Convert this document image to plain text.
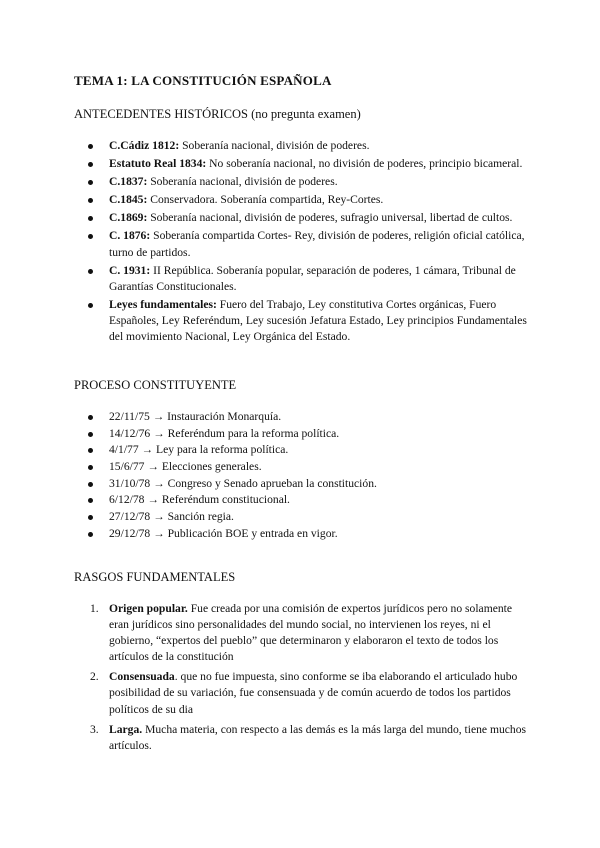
TEMA 1: LA CONSTITUCIÓN ESPAÑOLA
ANTECEDENTES HISTÓRICOS (no pregunta examen)
C.Cádiz 1812: Soberanía nacional, división de poderes.
Estatuto Real 1834: No soberanía nacional, no división de poderes, principio bicameral.
C.1837: Soberanía nacional, división de poderes.
C.1845: Conservadora. Soberanía compartida, Rey-Cortes.
C.1869: Soberanía nacional, división de poderes, sufragio universal, libertad de cultos.
C. 1876: Soberanía compartida Cortes- Rey, división de poderes, religión oficial católica, turno de partidos.
C. 1931: II República. Soberanía popular, separación de poderes, 1 cámara, Tribunal de Garantías Constitucionales.
Leyes fundamentales: Fuero del Trabajo, Ley constitutiva Cortes orgánicas, Fuero Españoles, Ley Referéndum, Ley sucesión Jefatura Estado, Ley principios Fundamentales del movimiento Nacional, Ley Orgánica del Estado.
PROCESO CONSTITUYENTE
22/11/75 → Instauración Monarquía.
14/12/76 → Referéndum para la reforma política.
4/1/77 → Ley para la reforma política.
15/6/77 → Elecciones generales.
31/10/78 → Congreso y Senado aprueban la constitución.
6/12/78 → Referéndum constitucional.
27/12/78 → Sanción regia.
29/12/78 → Publicación BOE y entrada en vigor.
RASGOS FUNDAMENTALES
1. Origen popular. Fue creada por una comisión de expertos jurídicos pero no solamente eran jurídicos sino personalidades del mundo social, no intervienen los reyes, ni el gobierno, “expertos del pueblo” que determinaron y elaboraron el texto de todos los artículos de la constitución
2. Consensuada. que no fue impuesta, sino conforme se iba elaborando el articulado hubo posibilidad de su variación, fue consensuada y de común acuerdo de todos los partidos políticos de su dia
3. Larga. Mucha materia, con respecto a las demás es la más larga del mundo, tiene muchos artículos.
